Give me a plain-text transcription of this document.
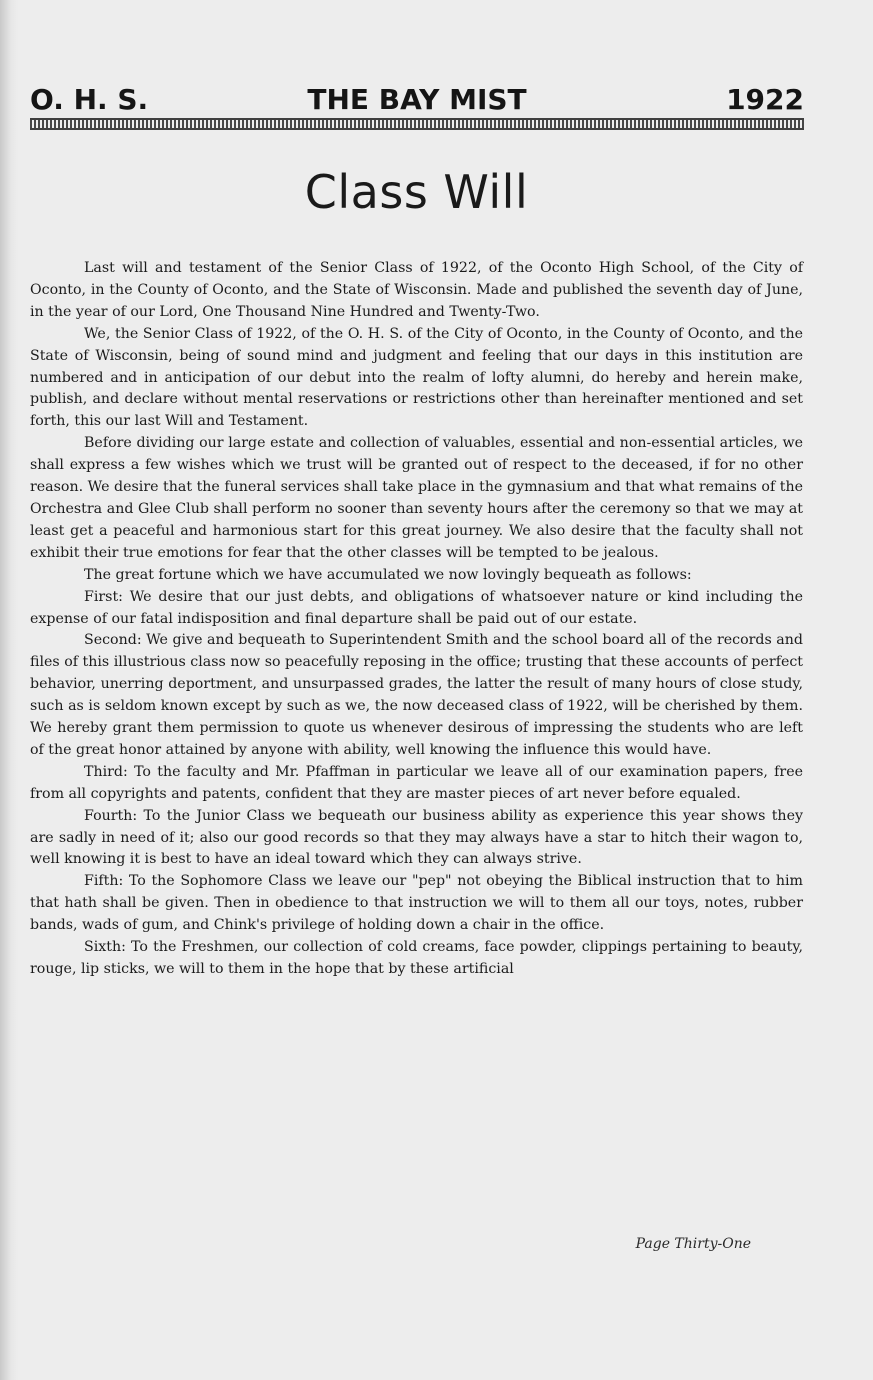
O. H. S.	THE BAY MIST	1922
Class Will

Last will and testament of the Senior Class of 1922, of the Oconto High School, of the City of Oconto, in the County of Oconto, and the State of Wisconsin. Made and published the seventh day of June, in the year of our Lord, One Thousand Nine Hundred and Twenty-Two.

We, the Senior Class of 1922, of the O. H. S. of the City of Oconto, in the County of Oconto, and the State of Wisconsin, being of sound mind and judgment and feeling that our days in this institution are numbered and in anticipation of our debut into the realm of lofty alumni, do hereby and herein make, publish, and declare without mental reservations or restrictions other than hereinafter mentioned and set forth, this our last Will and Testament.

Before dividing our large estate and collection of valuables, essential and non-essential articles, we shall express a few wishes which we trust will be granted out of respect to the deceased, if for no other reason. We desire that the funeral services shall take place in the gymnasium and that what remains of the Orchestra and Glee Club shall perform no sooner than seventy hours after the ceremony so that we may at least get a peaceful and harmonious start for this great journey. We also desire that the faculty shall not exhibit their true emotions for fear that the other classes will be tempted to be jealous.

The great fortune which we have accumulated we now lovingly bequeath as follows:

First: We desire that our just debts, and obligations of whatsoever nature or kind including the expense of our fatal indisposition and final departure shall be paid out of our estate.

Second: We give and bequeath to Superintendent Smith and the school board all of the records and files of this illustrious class now so peacefully reposing in the office; trusting that these accounts of perfect behavior, unerring deportment, and unsurpassed grades, the latter the result of many hours of close study, such as is seldom known except by such as we, the now deceased class of 1922, will be cherished by them. We hereby grant them permission to quote us whenever desirous of impressing the students who are left of the great honor attained by anyone with ability, well knowing the influence this would have.

Third: To the faculty and Mr. Pfaffman in particular we leave all of our examination papers, free from all copyrights and patents, confident that they are master pieces of art never before equaled.

Fourth: To the Junior Class we bequeath our business ability as experience this year shows they are sadly in need of it; also our good records so that they may always have a star to hitch their wagon to, well knowing it is best to have an ideal toward which they can always strive.

Fifth: To the Sophomore Class we leave our "pep" not obeying the Biblical instruction that to him that hath shall be given. Then in obedience to that instruction we will to them all our toys, notes, rubber bands, wads of gum, and Chink's privilege of holding down a chair in the office.

Sixth: To the Freshmen, our collection of cold creams, face powder, clippings pertaining to beauty, rouge, lip sticks, we will to them in the hope that by these artificial

Page Thirty-One
